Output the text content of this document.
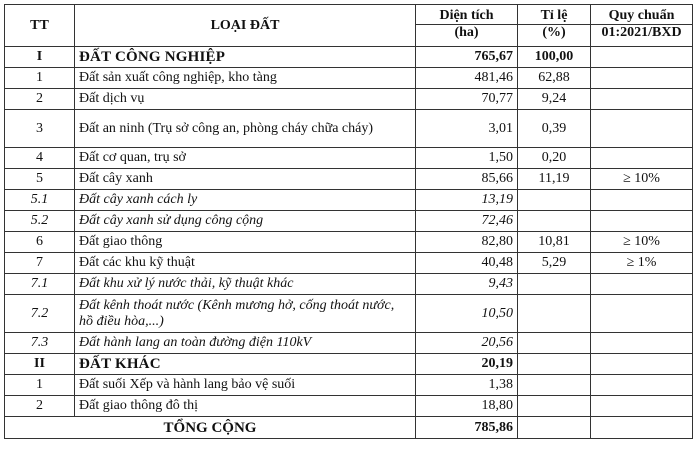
TT	LOẠI ĐẤT	Diện tích	Tỉ lệ	Quy chuẩn
		(ha)	(%)	01:2021/BXD
I	ĐẤT CÔNG NGHIỆP	765,67	100,00	
1	Đất sản xuất công nghiệp, kho tàng	481,46	62,88	
2	Đất dịch vụ	70,77	9,24	
3	Đất an ninh (Trụ sở công an, phòng cháy chữa cháy)	3,01	0,39	
4	Đất cơ quan, trụ sở	1,50	0,20	
5	Đất cây xanh	85,66	11,19	≥ 10%
5.1	Đất cây xanh cách ly	13,19		
5.2	Đất cây xanh sử dụng công cộng	72,46		
6	Đất giao thông	82,80	10,81	≥ 10%
7	Đất các khu kỹ thuật	40,48	5,29	≥ 1%
7.1	Đất khu xử lý nước thải, kỹ thuật khác	9,43		
7.2	Đất kênh thoát nước (Kênh mương hở, cống thoát nước, hồ điều hòa,...)	10,50		
7.3	Đất hành lang an toàn đường điện 110kV	20,56		
II	ĐẤT KHÁC	20,19		
1	Đất suối Xếp và hành lang bảo vệ suối	1,38		
2	Đất giao thông đô thị	18,80		
TỔNG CỘNG		785,86		
